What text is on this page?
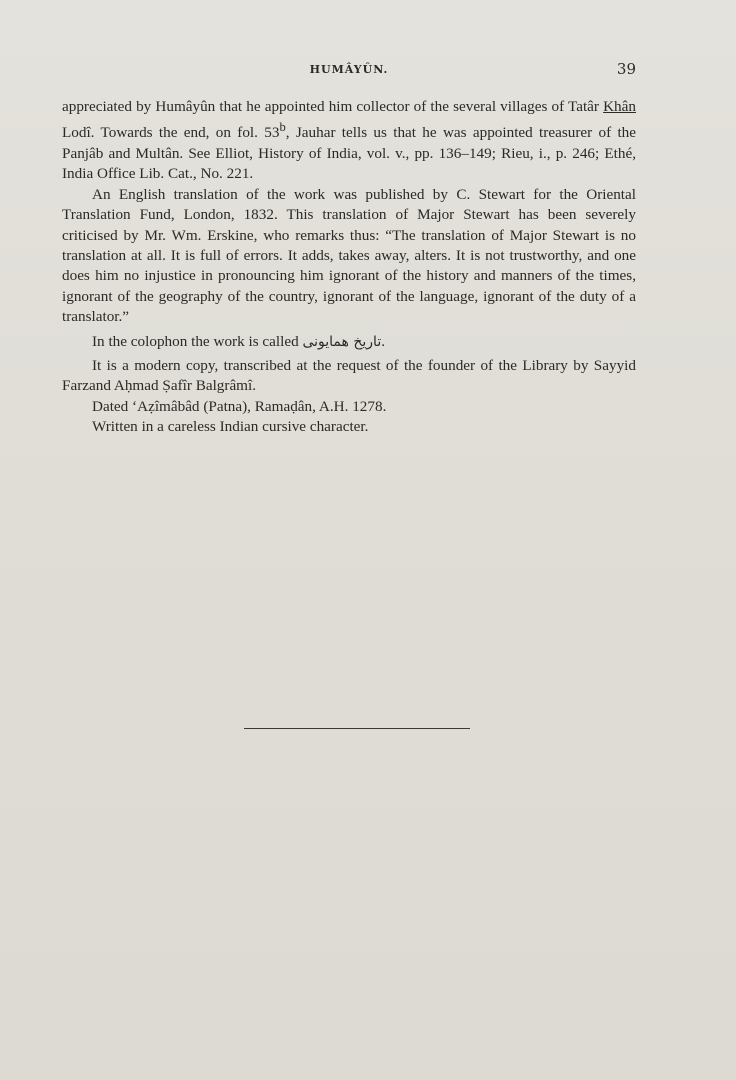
HUMÂYÛN.	39

appreciated by Humâyûn that he appointed him collector of the several villages of Tatâr Khân Lodî. Towards the end, on fol. 53$^b$, Jauhar tells us that he was appointed treasurer of the Panjâb and Multân. See Elliot, History of India, vol. v., pp. 136–149; Rieu, i., p. 246; Ethé, India Office Lib. Cat., No. 221.

An English translation of the work was published by C. Stewart for the Oriental Translation Fund, London, 1832. This translation of Major Stewart has been severely criticised by Mr. Wm. Erskine, who remarks thus: “The translation of Major Stewart is no translation at all. It is full of errors. It adds, takes away, alters. It is not trustworthy, and one does him no injustice in pronouncing him ignorant of the history and manners of the times, ignorant of the geography of the country, ignorant of the language, ignorant of the duty of a translator.”

In the colophon the work is called تاریخ همایونی.

It is a modern copy, transcribed at the request of the founder of the Library by Sayyid Farzand Aḥmad Ṣafîr Balgrâmî.

Dated ‘Aẓîmâbâd (Patna), Ramaḍân, A.H. 1278.

Written in a careless Indian cursive character.
